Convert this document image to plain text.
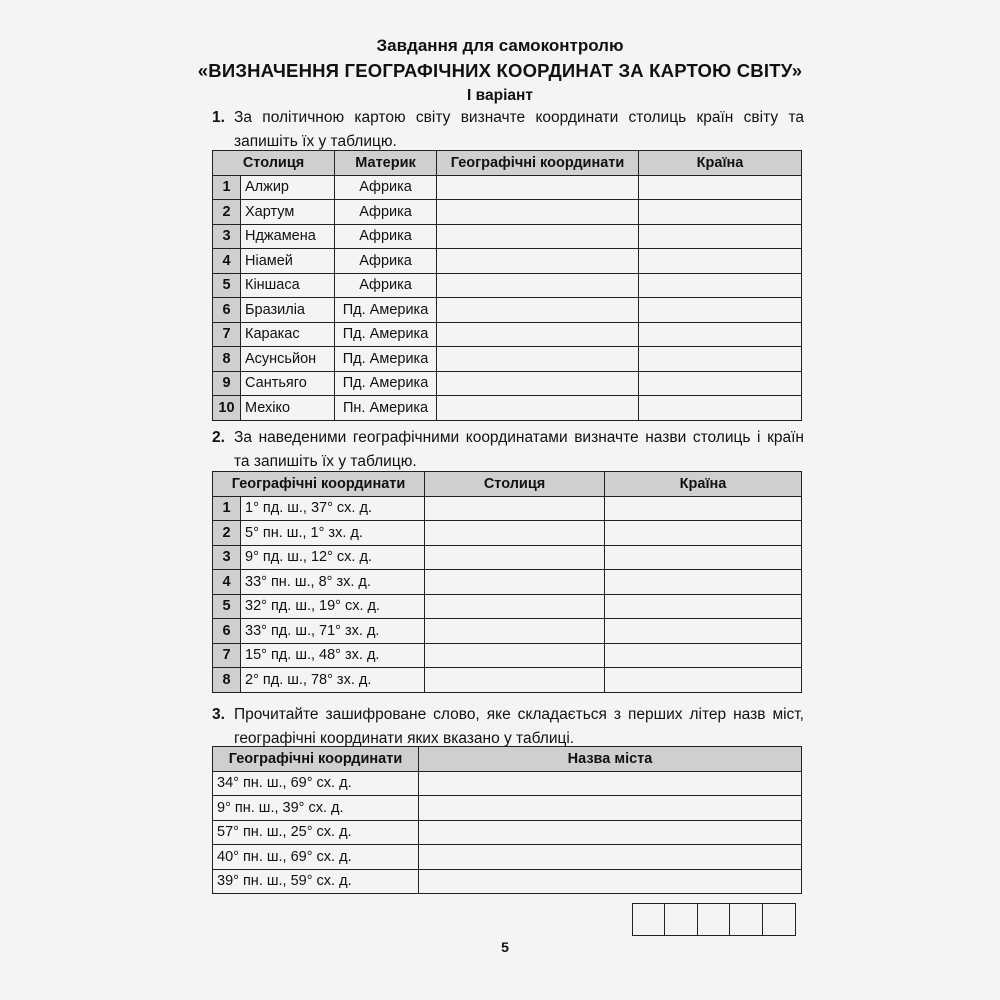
Завдання для самоконтролю
«ВИЗНАЧЕННЯ ГЕОГРАФІЧНИХ КООРДИНАТ ЗА КАРТОЮ СВІТУ»
I варіант
1. За політичною картою світу визначте координати столиць країн світу та запишіть їх у таблицю.
Столиця		Материк	Географічні координати	Країна
1	Алжир	Африка		
2	Хартум	Африка		
3	Нджамена	Африка		
4	Ніамей	Африка		
5	Кіншаса	Африка		
6	Бразиліа	Пд. Америка		
7	Каракас	Пд. Америка		
8	Асунсьйон	Пд. Америка		
9	Сантьяго	Пд. Америка		
10	Мехіко	Пн. Америка		
2. За наведеними географічними координатами визначте назви столиць і країн та запишіть їх у таблицю.
Географічні координати		Столиця	Країна
1	1° пд. ш., 37° сх. д.		
2	5° пн. ш., 1° зх. д.		
3	9° пд. ш., 12° сх. д.		
4	33° пн. ш., 8° зх. д.		
5	32° пд. ш., 19° сх. д.		
6	33° пд. ш., 71° зх. д.		
7	15° пд. ш., 48° зх. д.		
8	2° пд. ш., 78° зх. д.		
3. Прочитайте зашифроване слово, яке складається з перших літер назв міст, географічні координати яких вказано у таблиці.
Географічні координати	Назва міста
34° пн. ш., 69° сх. д.	
9° пн. ш., 39° сх. д.	
57° пн. ш., 25° сх. д.	
40° пн. ш., 69° сх. д.	
39° пн. ш., 59° сх. д.	
5
